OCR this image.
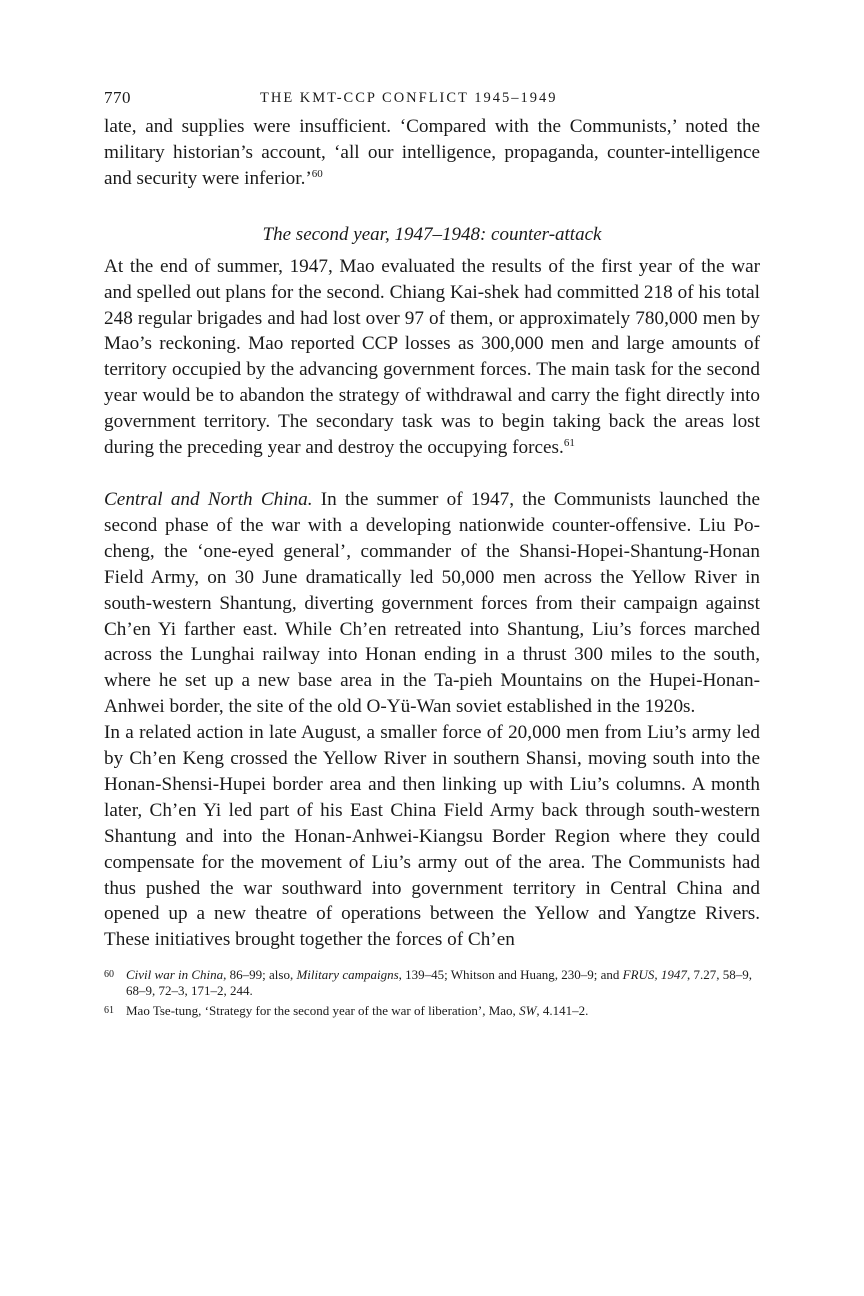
770	THE KMT-CCP CONFLICT 1945–1949

late, and supplies were insufficient. ‘Compared with the Communists,’ noted the military historian’s account, ‘all our intelligence, propaganda, counter-intelligence and security were inferior.’$^{60}$

The second year, 1947–1948: counter-attack

At the end of summer, 1947, Mao evaluated the results of the first year of the war and spelled out plans for the second. Chiang Kai-shek had committed 218 of his total 248 regular brigades and had lost over 97 of them, or approximately 780,000 men by Mao’s reckoning. Mao reported CCP losses as 300,000 men and large amounts of territory occupied by the advancing government forces. The main task for the second year would be to abandon the strategy of withdrawal and carry the fight directly into government territory. The secondary task was to begin taking back the areas lost during the preceding year and destroy the occupying forces.$^{61}$

Central and North China. In the summer of 1947, the Communists launched the second phase of the war with a developing nationwide counter-offensive. Liu Po-cheng, the ‘one-eyed general’, commander of the Shansi-Hopei-Shantung-Honan Field Army, on 30 June dramatically led 50,000 men across the Yellow River in south-western Shantung, diverting government forces from their campaign against Ch’en Yi farther east. While Ch’en retreated into Shantung, Liu’s forces marched across the Lunghai railway into Honan ending in a thrust 300 miles to the south, where he set up a new base area in the Ta-pieh Mountains on the Hupei-Honan-Anhwei border, the site of the old O-Yü-Wan soviet established in the 1920s.

In a related action in late August, a smaller force of 20,000 men from Liu’s army led by Ch’en Keng crossed the Yellow River in southern Shansi, moving south into the Honan-Shensi-Hupei border area and then linking up with Liu’s columns. A month later, Ch’en Yi led part of his East China Field Army back through south-western Shantung and into the Honan-Anhwei-Kiangsu Border Region where they could compensate for the movement of Liu’s army out of the area. The Communists had thus pushed the war southward into government territory in Central China and opened up a new theatre of operations between the Yellow and Yangtze Rivers. These initiatives brought together the forces of Ch’en

60 Civil war in China, 86–99; also, Military campaigns, 139–45; Whitson and Huang, 230–9; and FRUS, 1947, 7.27, 58–9, 68–9, 72–3, 171–2, 244.
61 Mao Tse-tung, ‘Strategy for the second year of the war of liberation’, Mao, SW, 4.141–2.
